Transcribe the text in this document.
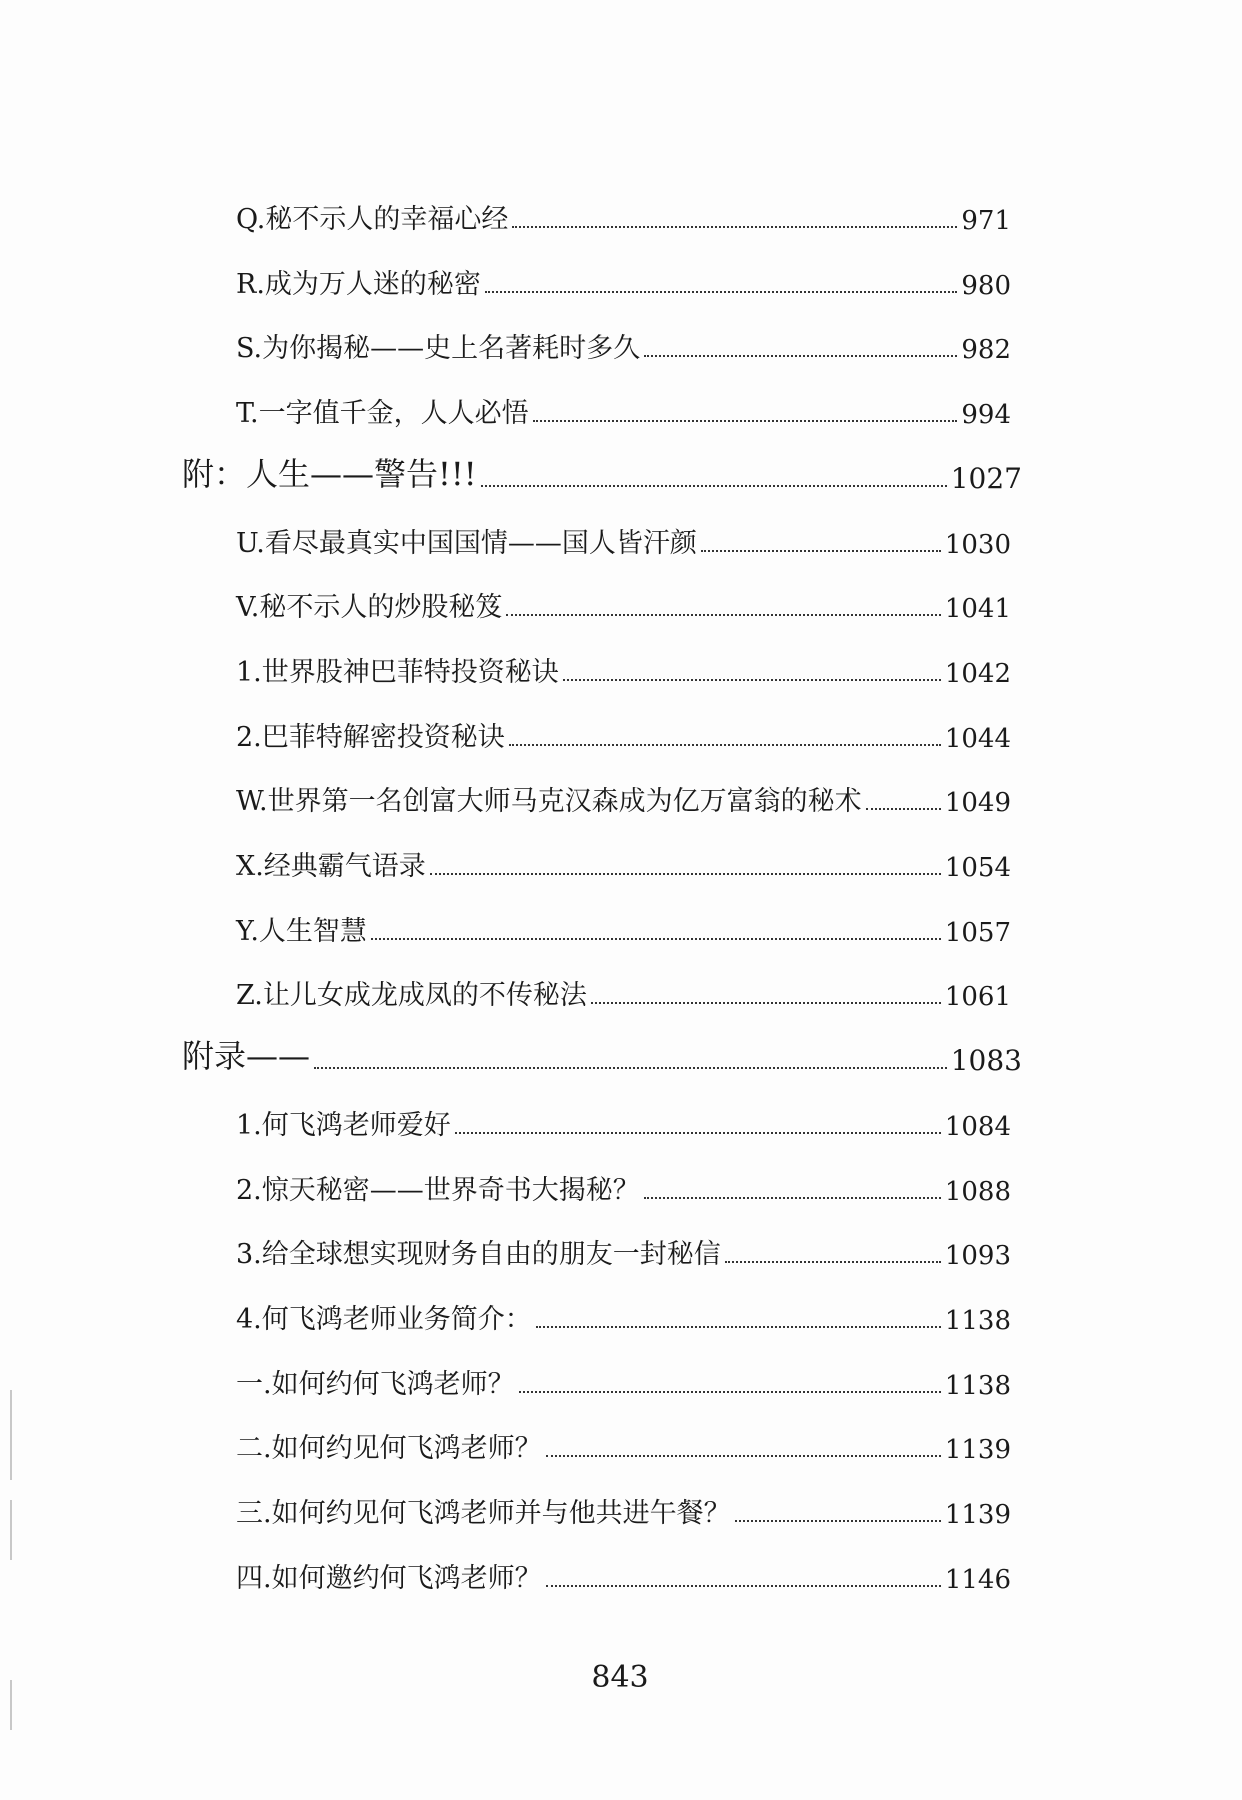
Q.秘不示人的幸福心经	971
R.成为万人迷的秘密	980
S.为你揭秘——史上名著耗时多久	982
T.一字值千金，人人必悟	994
附：人生——警告!!!	1027
U.看尽最真实中国国情——国人皆汗颜	1030
V.秘不示人的炒股秘笈	1041
1.世界股神巴菲特投资秘诀	1042
2.巴菲特解密投资秘诀	1044
W.世界第一名创富大师马克汉森成为亿万富翁的秘术	1049
X.经典霸气语录	1054
Y.人生智慧	1057
Z.让儿女成龙成凤的不传秘法	1061
附录——	1083
1.何飞鸿老师爱好	1084
2.惊天秘密——世界奇书大揭秘？	1088
3.给全球想实现财务自由的朋友一封秘信	1093
4.何飞鸿老师业务简介：	1138
一.如何约何飞鸿老师？	1138
二.如何约见何飞鸿老师？	1139
三.如何约见何飞鸿老师并与他共进午餐？	1139
四.如何邀约何飞鸿老师？	1146
843
